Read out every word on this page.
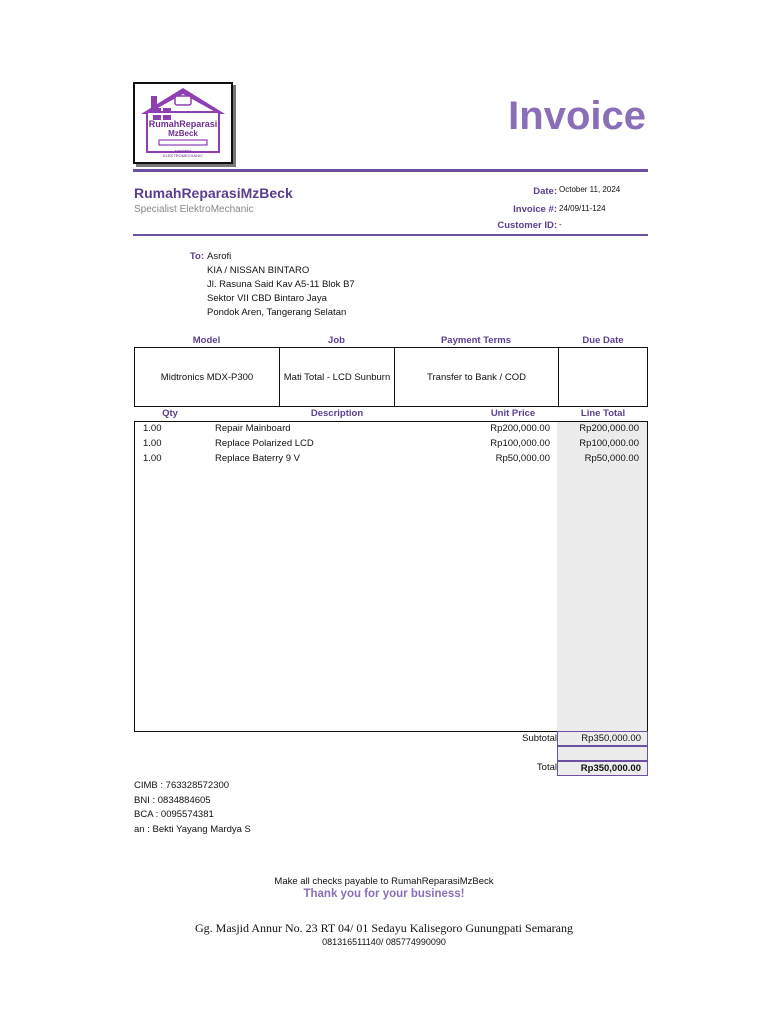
RumahReparasi
MzBeck
specialist
ELEKTROMECHANIC
Invoice
RumahReparasiMzBeck
Specialist ElektroMechanic
Date: October 11, 2024
Invoice #: 24/09/11-124
Customer ID: -
To: Asrofi
KIA / NISSAN BINTARO
Jl. Rasuna Said Kav A5-11 Blok B7
Sektor VII CBD Bintaro Jaya
Pondok Aren, Tangerang Selatan
Model	Job	Payment Terms	Due Date
Midtronics MDX-P300	Mati Total - LCD Sunburn	Transfer to Bank / COD
Qty	Description	Unit Price	Line Total
1.00	Repair Mainboard	Rp200,000.00	Rp200,000.00
1.00	Replace Polarized LCD	Rp100,000.00	Rp100,000.00
1.00	Replace Baterry 9 V	Rp50,000.00	Rp50,000.00
Subtotal	Rp350,000.00
Total	Rp350,000.00
CIMB : 763328572300
BNI : 0834884605
BCA : 0095574381
an : Bekti Yayang Mardya S
Make all checks payable to RumahReparasiMzBeck
Thank you for your business!
Gg. Masjid Annur No. 23 RT 04/ 01 Sedayu Kalisegoro Gunungpati Semarang
081316511140/ 085774990090
